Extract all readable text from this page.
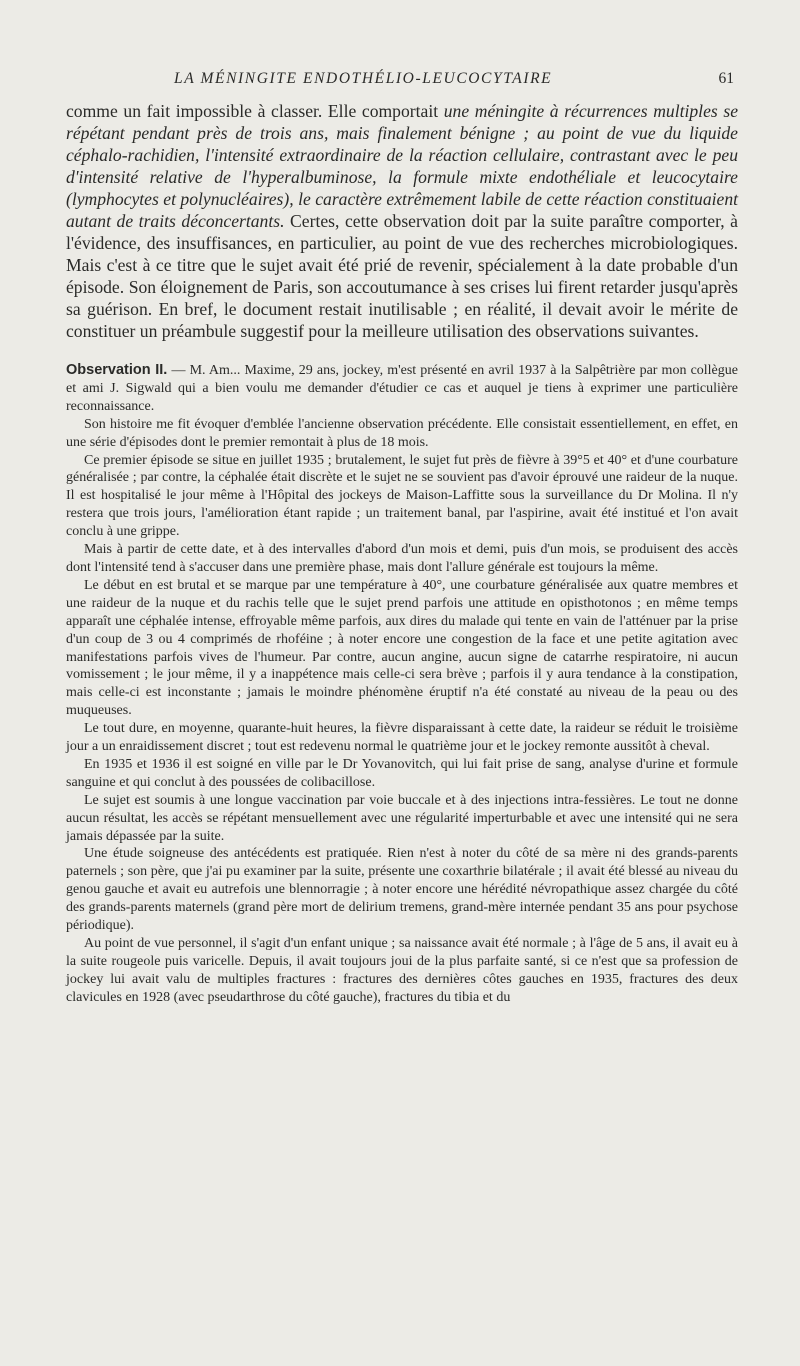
LA MÉNINGITE ENDOTHÉLIO-LEUCOCYTAIRE	61

comme un fait impossible à classer. Elle comportait une méningite à récurrences multiples se répétant pendant près de trois ans, mais finalement bénigne ; au point de vue du liquide céphalo-rachidien, l'intensité extraordinaire de la réaction cellulaire, contrastant avec le peu d'intensité relative de l'hyperalbuminose, la formule mixte endothéliale et leucocytaire (lymphocytes et polynucléaires), le caractère extrêmement labile de cette réaction constituaient autant de traits déconcertants. Certes, cette observation doit par la suite paraître comporter, à l'évidence, des insuffisances, en particulier, au point de vue des recherches microbiologiques. Mais c'est à ce titre que le sujet avait été prié de revenir, spécialement à la date probable d'un épisode. Son éloignement de Paris, son accoutumance à ses crises lui firent retarder jusqu'après sa guérison. En bref, le document restait inutilisable ; en réalité, il devait avoir le mérite de constituer un préambule suggestif pour la meilleure utilisation des observations suivantes.

Observation II. — M. Am... Maxime, 29 ans, jockey, m'est présenté en avril 1937 à la Salpêtrière par mon collègue et ami J. Sigwald qui a bien voulu me demander d'étudier ce cas et auquel je tiens à exprimer une particulière reconnaissance.

Son histoire me fit évoquer d'emblée l'ancienne observation précédente. Elle consistait essentiellement, en effet, en une série d'épisodes dont le premier remontait à plus de 18 mois.

Ce premier épisode se situe en juillet 1935 ; brutalement, le sujet fut près de fièvre à 39°5 et 40° et d'une courbature généralisée ; par contre, la céphalée était discrète et le sujet ne se souvient pas d'avoir éprouvé une raideur de la nuque. Il est hospitalisé le jour même à l'Hôpital des jockeys de Maison-Laffitte sous la surveillance du Dr Molina. Il n'y restera que trois jours, l'amélioration étant rapide ; un traitement banal, par l'aspirine, avait été institué et l'on avait conclu à une grippe.

Mais à partir de cette date, et à des intervalles d'abord d'un mois et demi, puis d'un mois, se produisent des accès dont l'intensité tend à s'accuser dans une première phase, mais dont l'allure générale est toujours la même.

Le début en est brutal et se marque par une température à 40°, une courbature généralisée aux quatre membres et une raideur de la nuque et du rachis telle que le sujet prend parfois une attitude en opisthotonos ; en même temps apparaît une céphalée intense, effroyable même parfois, aux dires du malade qui tente en vain de l'atténuer par la prise d'un coup de 3 ou 4 comprimés de rhoféine ; à noter encore une congestion de la face et une petite agitation avec manifestations parfois vives de l'humeur. Par contre, aucun angine, aucun signe de catarrhe respiratoire, ni aucun vomissement ; le jour même, il y a inappétence mais celle-ci sera brève ; parfois il y aura tendance à la constipation, mais celle-ci est inconstante ; jamais le moindre phénomène éruptif n'a été constaté au niveau de la peau ou des muqueuses.

Le tout dure, en moyenne, quarante-huit heures, la fièvre disparaissant à cette date, la raideur se réduit le troisième jour a un enraidissement discret ; tout est redevenu normal le quatrième jour et le jockey remonte aussitôt à cheval.

En 1935 et 1936 il est soigné en ville par le Dr Yovanovitch, qui lui fait prise de sang, analyse d'urine et formule sanguine et qui conclut à des poussées de colibacillose.

Le sujet est soumis à une longue vaccination par voie buccale et à des injections intra-fessières. Le tout ne donne aucun résultat, les accès se répétant mensuellement avec une régularité imperturbable et avec une intensité qui ne sera jamais dépassée par la suite.

Une étude soigneuse des antécédents est pratiquée. Rien n'est à noter du côté de sa mère ni des grands-parents paternels ; son père, que j'ai pu examiner par la suite, présente une coxarthrie bilatérale ; il avait été blessé au niveau du genou gauche et avait eu autrefois une blennorragie ; à noter encore une hérédité névropathique assez chargée du côté des grands-parents maternels (grand père mort de delirium tremens, grand-mère internée pendant 35 ans pour psychose périodique).

Au point de vue personnel, il s'agit d'un enfant unique ; sa naissance avait été normale ; à l'âge de 5 ans, il avait eu à la suite rougeole puis varicelle. Depuis, il avait toujours joui de la plus parfaite santé, si ce n'est que sa profession de jockey lui avait valu de multiples fractures : fractures des dernières côtes gauches en 1935, fractures des deux clavicules en 1928 (avec pseudarthrose du côté gauche), fractures du tibia et du
